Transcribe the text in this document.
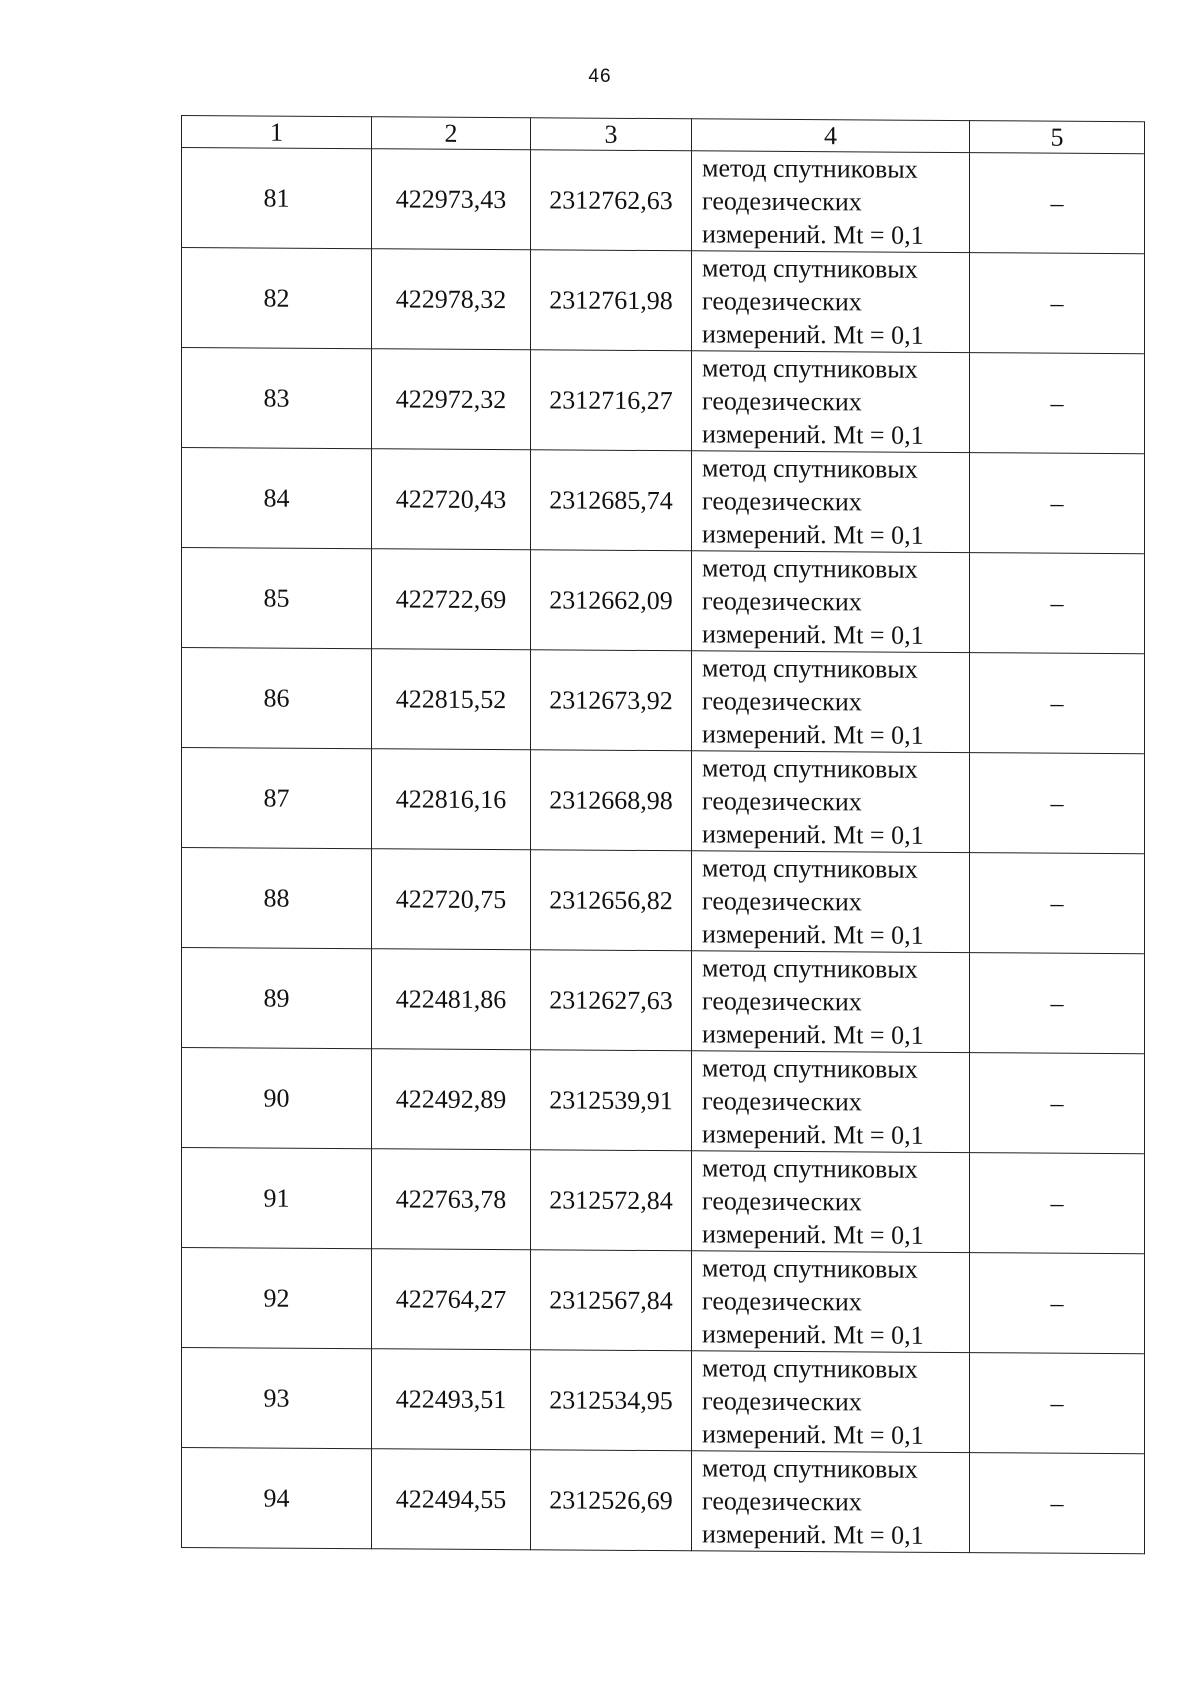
46
1	2	3	4	5
81	422973,43	2312762,63	метод спутниковых
геодезических
измерений. Mt = 0,1	–
82	422978,32	2312761,98	метод спутниковых
геодезических
измерений. Mt = 0,1	–
83	422972,32	2312716,27	метод спутниковых
геодезических
измерений. Mt = 0,1	–
84	422720,43	2312685,74	метод спутниковых
геодезических
измерений. Mt = 0,1	–
85	422722,69	2312662,09	метод спутниковых
геодезических
измерений. Mt = 0,1	–
86	422815,52	2312673,92	метод спутниковых
геодезических
измерений. Mt = 0,1	–
87	422816,16	2312668,98	метод спутниковых
геодезических
измерений. Mt = 0,1	–
88	422720,75	2312656,82	метод спутниковых
геодезических
измерений. Mt = 0,1	–
89	422481,86	2312627,63	метод спутниковых
геодезических
измерений. Mt = 0,1	–
90	422492,89	2312539,91	метод спутниковых
геодезических
измерений. Mt = 0,1	–
91	422763,78	2312572,84	метод спутниковых
геодезических
измерений. Mt = 0,1	–
92	422764,27	2312567,84	метод спутниковых
геодезических
измерений. Mt = 0,1	–
93	422493,51	2312534,95	метод спутниковых
геодезических
измерений. Mt = 0,1	–
94	422494,55	2312526,69	метод спутниковых
геодезических
измерений. Mt = 0,1	–
